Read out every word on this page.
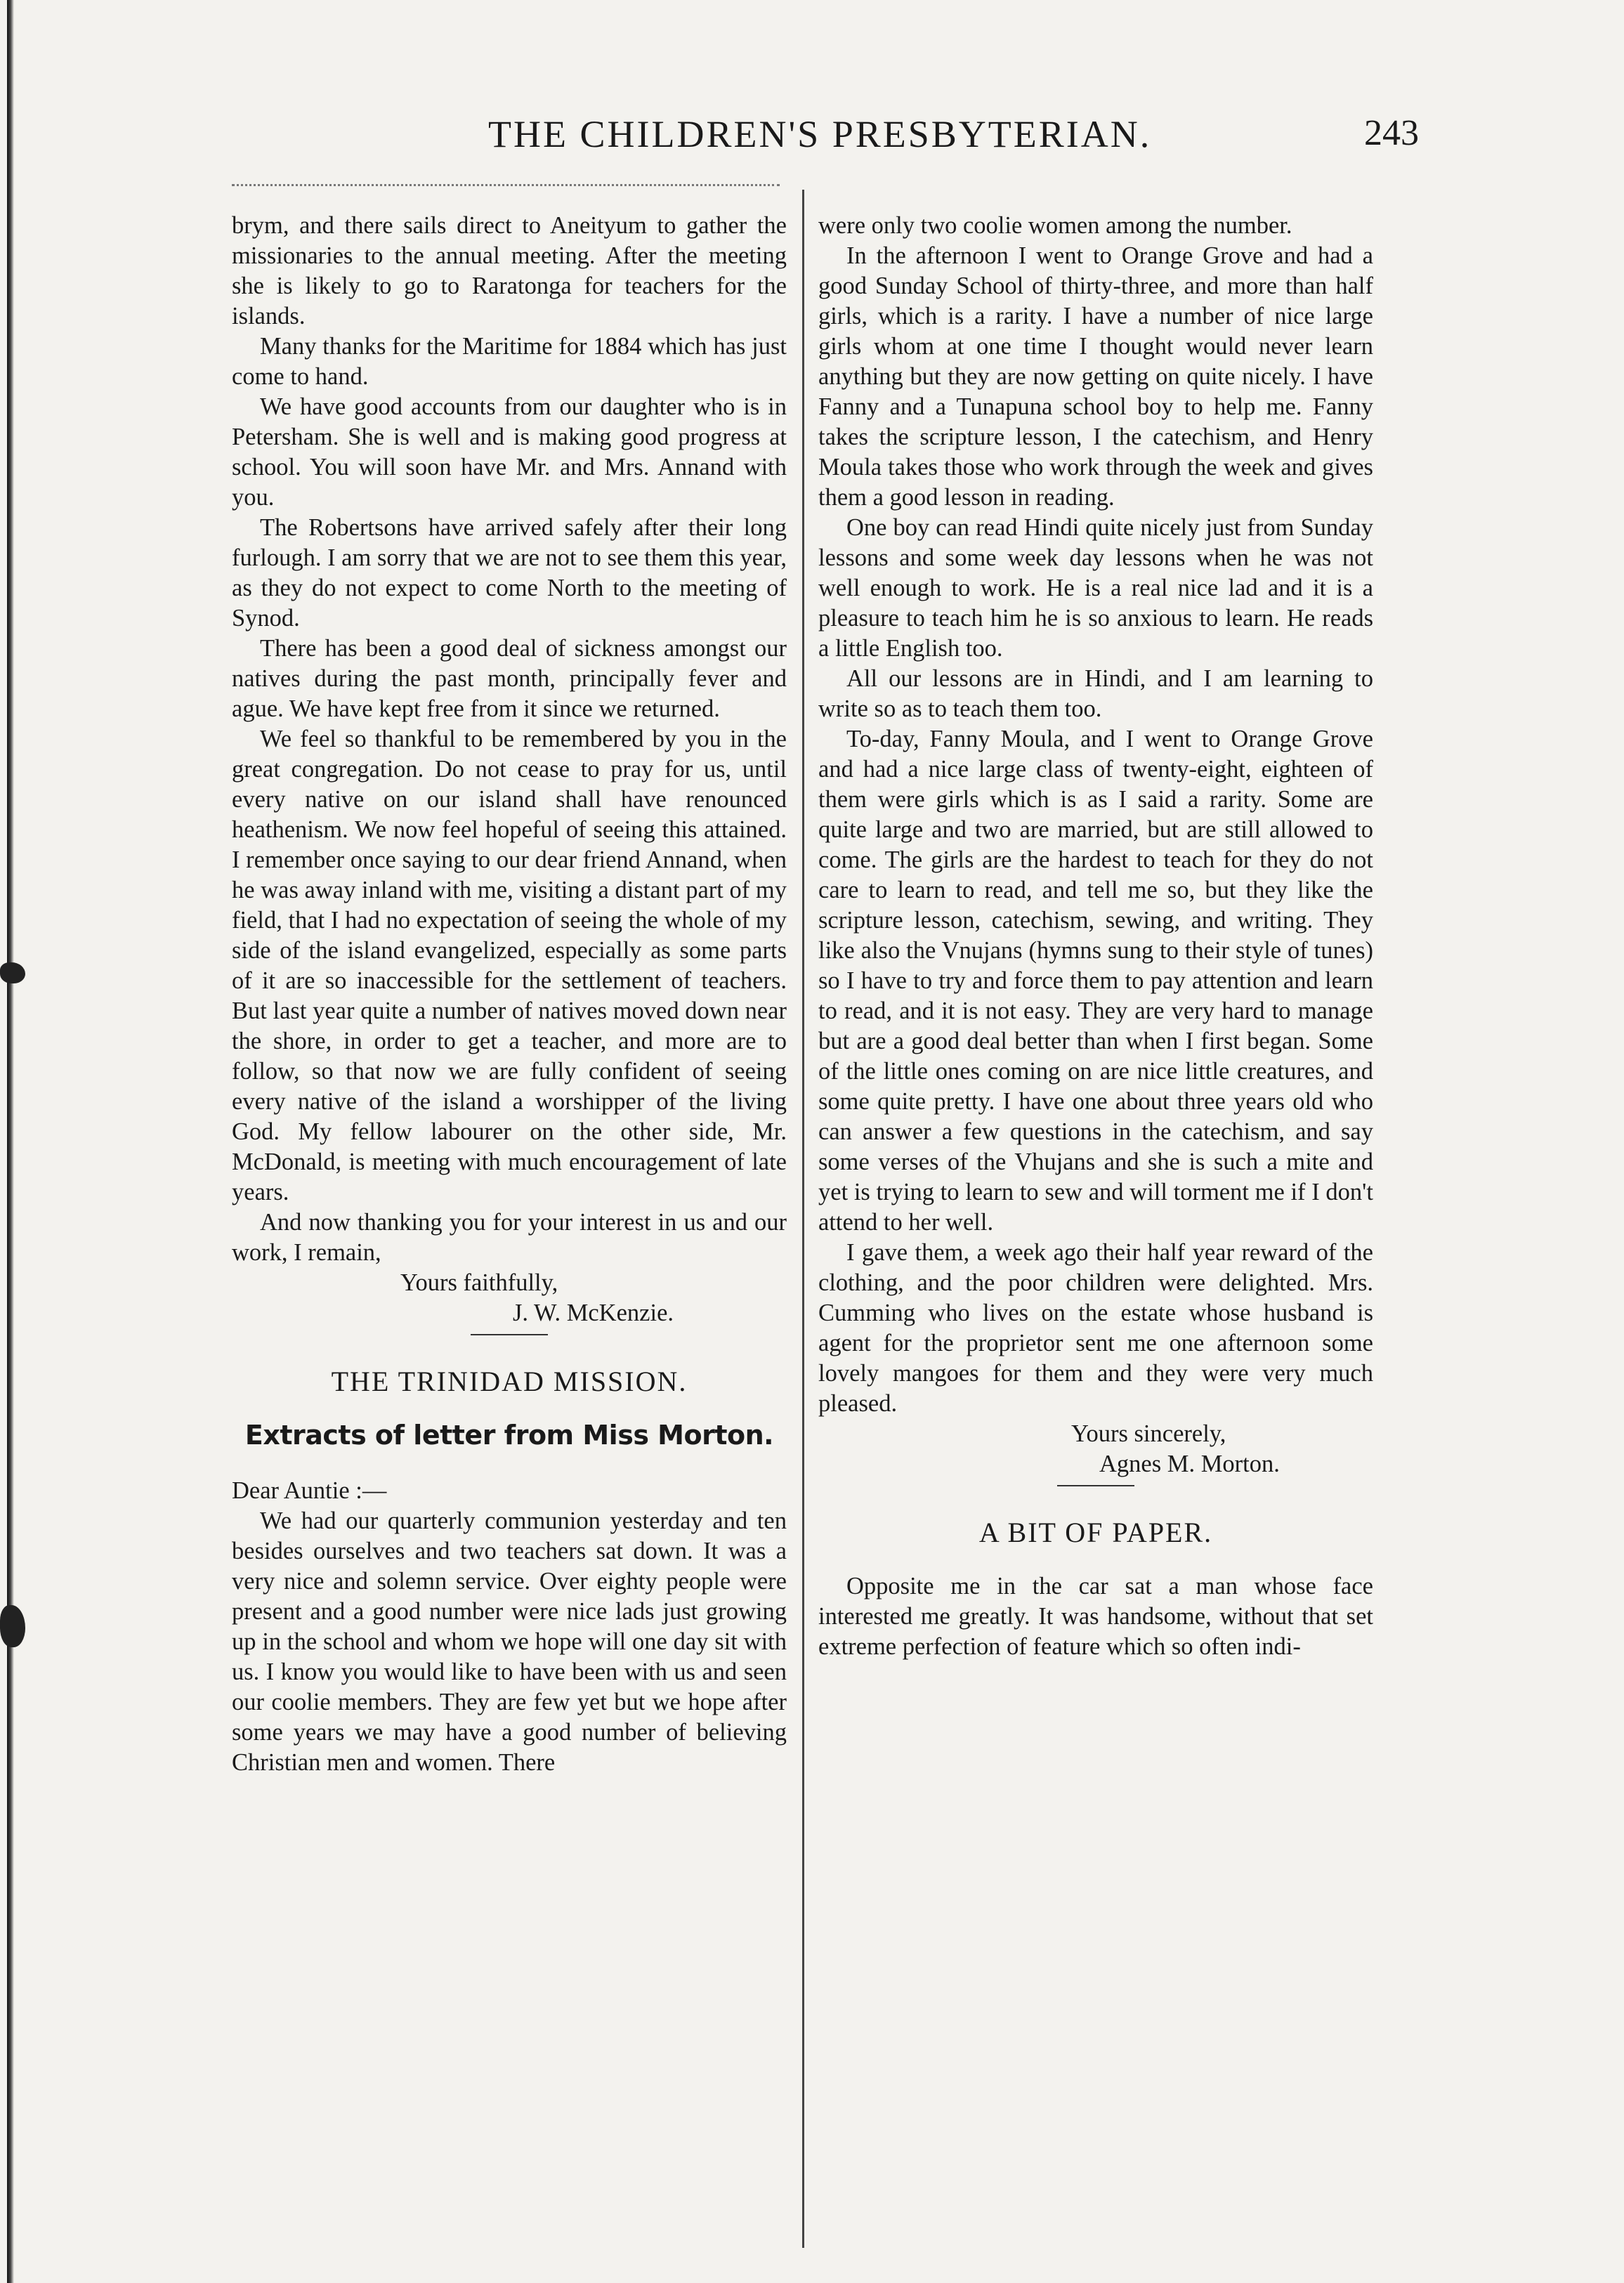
THE CHILDREN'S PRESBYTERIAN.	243

brym, and there sails direct to Aneityum to gather the missionaries to the annual meeting. After the meeting she is likely to go to Raratonga for teachers for the islands.

Many thanks for the Maritime for 1884 which has just come to hand.

We have good accounts from our daughter who is in Petersham. She is well and is making good progress at school. You will soon have Mr. and Mrs. Annand with you.

The Robertsons have arrived safely after their long furlough. I am sorry that we are not to see them this year, as they do not expect to come North to the meeting of Synod.

There has been a good deal of sickness amongst our natives during the past month, principally fever and ague. We have kept free from it since we returned.

We feel so thankful to be remembered by you in the great congregation. Do not cease to pray for us, until every native on our island shall have renounced heathenism. We now feel hopeful of seeing this attained. I remember once saying to our dear friend Annand, when he was away inland with me, visiting a distant part of my field, that I had no expectation of seeing the whole of my side of the island evangelized, especially as some parts of it are so inaccessible for the settlement of teachers. But last year quite a number of natives moved down near the shore, in order to get a teacher, and more are to follow, so that now we are fully confident of seeing every native of the island a worshipper of the living God. My fellow labourer on the other side, Mr. McDonald, is meeting with much encouragement of late years.

And now thanking you for your interest in us and our work, I remain,

Yours faithfully,
J. W. McKenzie.
THE TRINIDAD MISSION.
Extracts of letter from Miss Morton.

Dear Auntie :—

We had our quarterly communion yesterday and ten besides ourselves and two teachers sat down. It was a very nice and solemn service. Over eighty people were present and a good number were nice lads just growing up in the school and whom we hope will one day sit with us. I know you would like to have been with us and seen our coolie members. They are few yet but we hope after some years we may have a good number of believing Christian men and women. There

were only two coolie women among the number.

In the afternoon I went to Orange Grove and had a good Sunday School of thirty-three, and more than half girls, which is a rarity. I have a number of nice large girls whom at one time I thought would never learn anything but they are now getting on quite nicely. I have Fanny and a Tunapuna school boy to help me. Fanny takes the scripture lesson, I the catechism, and Henry Moula takes those who work through the week and gives them a good lesson in reading.

One boy can read Hindi quite nicely just from Sunday lessons and some week day lessons when he was not well enough to work. He is a real nice lad and it is a pleasure to teach him he is so anxious to learn. He reads a little English too.

All our lessons are in Hindi, and I am learning to write so as to teach them too.

To-day, Fanny Moula, and I went to Orange Grove and had a nice large class of twenty-eight, eighteen of them were girls which is as I said a rarity. Some are quite large and two are married, but are still allowed to come. The girls are the hardest to teach for they do not care to learn to read, and tell me so, but they like the scripture lesson, catechism, sewing, and writing. They like also the Vnujans (hymns sung to their style of tunes) so I have to try and force them to pay attention and learn to read, and it is not easy. They are very hard to manage but are a good deal better than when I first began. Some of the little ones coming on are nice little creatures, and some quite pretty. I have one about three years old who can answer a few questions in the catechism, and say some verses of the Vhujans and she is such a mite and yet is trying to learn to sew and will torment me if I don't attend to her well.

I gave them, a week ago their half year reward of the clothing, and the poor children were delighted. Mrs. Cumming who lives on the estate whose husband is agent for the proprietor sent me one afternoon some lovely mangoes for them and they were very much pleased.

Yours sincerely,
Agnes M. Morton.
A BIT OF PAPER.

Opposite me in the car sat a man whose face interested me greatly. It was handsome, without that set extreme perfection of feature which so often indi-
